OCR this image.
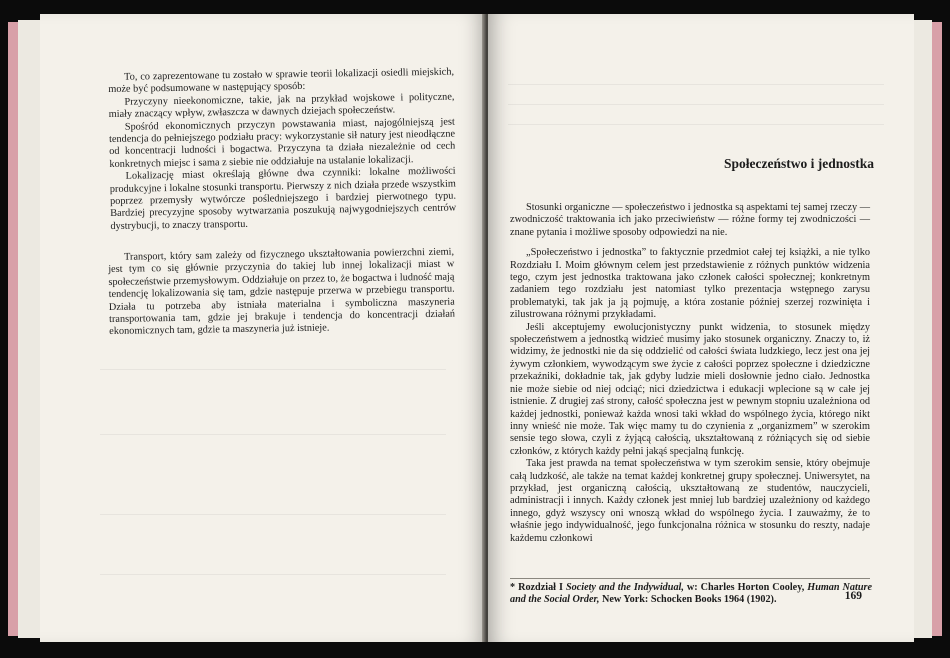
To, co zaprezentowane tu zostało w sprawie teorii lokalizacji osiedli miejskich, może być podsumowane w następujący sposób:

Przyczyny nieekonomiczne, takie, jak na przykład wojskowe i polityczne, miały znaczący wpływ, zwłaszcza w dawnych dziejach społeczeństw.

Spośród ekonomicznych przyczyn powstawania miast, najogólniejszą jest tendencja do pełniejszego podziału pracy: wykorzystanie sił natury jest nieodłączne od koncentracji ludności i bogactwa. Przyczyna ta działa niezależnie od cech konkretnych miejsc i sama z siebie nie oddziałuje na ustalanie lokalizacji.

Lokalizację miast określają główne dwa czynniki: lokalne możliwości produkcyjne i lokalne stosunki transportu. Pierwszy z nich działa przede wszystkim poprzez przemysły wytwórcze pośledniejszego i bardziej pierwotnego typu. Bardziej precyzyjne sposoby wytwarzania poszukują najwygodniejszych centrów dystrybucji, to znaczy transportu.

Transport, który sam zależy od fizycznego ukształtowania powierzchni ziemi, jest tym co się głównie przyczynia do takiej lub innej lokalizacji miast w społeczeństwie przemysłowym. Oddziałuje on przez to, że bogactwa i ludność mają tendencję lokalizowania się tam, gdzie następuje przerwa w przebiegu transportu. Działa tu potrzeba aby istniała materialna i symboliczna maszyneria transportowania tam, gdzie jej brakuje i tendencja do koncentracji działań ekonomicznych tam, gdzie ta maszyneria już istnieje.

Społeczeństwo i jednostka

Stosunki organiczne — społeczeństwo i jednostka są aspektami tej samej rzeczy — zwodniczość traktowania ich jako przeciwieństw — różne formy tej zwodniczości — znane pytania i możliwe sposoby odpowiedzi na nie.

„Społeczeństwo i jednostka” to faktycznie przedmiot całej tej książki, a nie tylko Rozdziału I. Moim głównym celem jest przedstawienie z różnych punktów widzenia tego, czym jest jednostka traktowana jako członek całości społecznej; konkretnym zadaniem tego rozdziału jest natomiast tylko prezentacja wstępnego zarysu problematyki, tak jak ja ją pojmuję, a która zostanie później szerzej rozwinięta i zilustrowana różnymi przykładami.

Jeśli akceptujemy ewolucjonistyczny punkt widzenia, to stosunek między społeczeństwem a jednostką widzieć musimy jako stosunek organiczny. Znaczy to, iż widzimy, że jednostki nie da się oddzielić od całości świata ludzkiego, lecz jest ona jej żywym członkiem, wywodzącym swe życie z całości poprzez społeczne i dziedziczne przekaźniki, dokładnie tak, jak gdyby ludzie mieli dosłownie jedno ciało. Jednostka nie może siebie od niej odciąć; nici dziedzictwa i edukacji wplecione są w całe jej istnienie. Z drugiej zaś strony, całość społeczna jest w pewnym stopniu uzależniona od każdej jednostki, ponieważ każda wnosi taki wkład do wspólnego życia, którego nikt inny wnieść nie może. Tak więc mamy tu do czynienia z „organizmem” w szerokim sensie tego słowa, czyli z żyjącą całością, ukształtowaną z różniących się od siebie członków, z których każdy pełni jakąś specjalną funkcję.

Taka jest prawda na temat społeczeństwa w tym szerokim sensie, który obejmuje całą ludzkość, ale także na temat każdej konkretnej grupy społecznej. Uniwersytet, na przykład, jest organiczną całością, ukształtowaną ze studentów, nauczycieli, administracji i innych. Każdy członek jest mniej lub bardziej uzależniony od każdego innego, gdyż wszyscy oni wnoszą wkład do wspólnego życia. I zauważmy, że to właśnie jego indywidualność, jego funkcjonalna różnica w stosunku do reszty, nadaje każdemu członkowi

* Rozdział I Society and the Indywidual, w: Charles Horton Cooley, Human Nature and the Social Order, New York: Schocken Books 1964 (1902).	169
